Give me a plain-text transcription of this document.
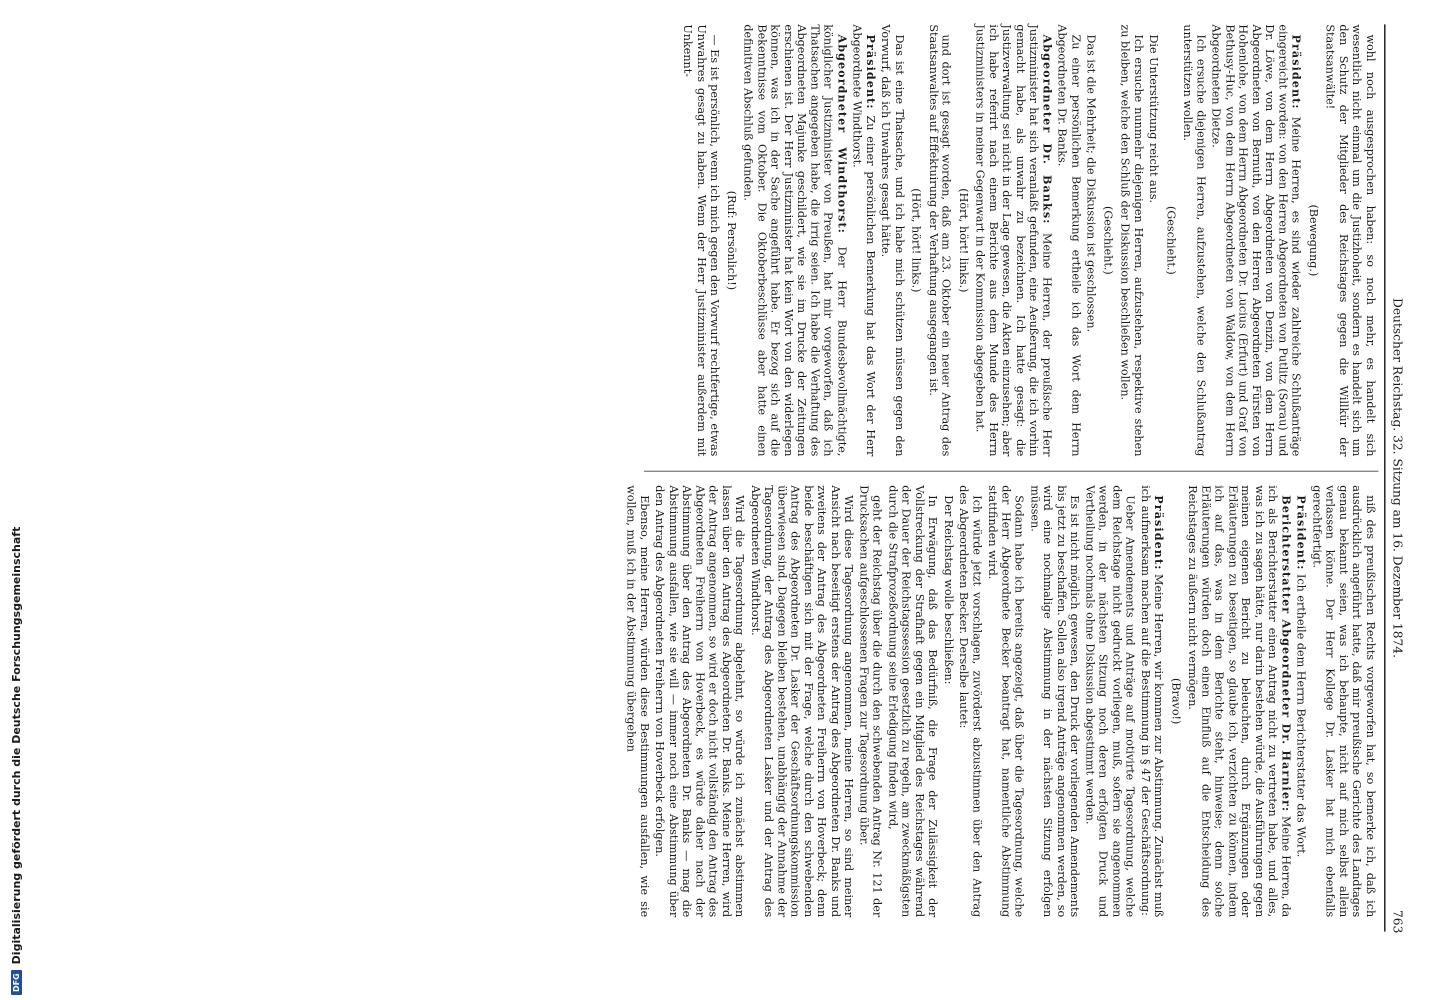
Deutscher Reichstag. 32. Sitzung am 16. Dezember 1874.
763

wohl noch ausgesprochen haben: so noch mehr, es handelt sich wesentlich nicht einmal um die Justizhoheit, sondern es handelt sich um den Schutz der Mitglieder des Reichstages gegen die Willkür der Staatsanwälte!

(Bewegung.)

Präsident: Meine Herren, es sind wieder zahlreiche Schlußanträge eingereicht worden: von den Herren Abgeordneten von Putlitz (Sorau) und Dr. Löwe, von dem Herrn Abgeordneten von Denzin, von dem Herrn Abgeordneten von Bernuth, von den Herren Abgeordneten Fürsten von Hohenlohe, von dem Herrn Abgeordneten Dr. Lucius (Erfurt) und Graf von Bethusy-Huc, von dem Herrn Abgeordneten von Waldow, von dem Herrn Abgeordneten Dietze.

Ich ersuche diejenigen Herren, aufzustehen, welche den Schlußantrag unterstützen wollen.

(Geschieht.)

Die Unterstützung reicht aus.

Ich ersuche nunmehr diejenigen Herren, aufzustehen, respektive stehen zu bleiben, welche den Schluß der Diskussion beschließen wollen.

(Geschieht.)

Das ist die Mehrheit; die Diskussion ist geschlossen.

Zu einer persönlichen Bemerkung ertheile ich das Wort dem Herrn Abgeordneten Dr. Banks.

Abgeordneter Dr. Banks: Meine Herren, der preußische Herr Justizminister hat sich veranlaßt gefunden, eine Aeußerung, die ich vorhin gemacht habe, als unwahr zu bezeichnen. Ich hatte gesagt: die Justizverwaltung sei nicht in der Lage gewesen, die Akten einzusehen; aber ich habe referirt nach einem Berichte aus dem Munde des Herrn Justizministers in meiner Gegenwart in der Kommission abgegeben hat.

(Hört, hört! links.)

und dort ist gesagt worden, daß am 23. Oktober ein neuer Antrag des Staatsanwaltes auf Effektuirung der Verhaftung ausgegangen ist.

(Hört, hört! links.)

Das ist eine Thatsache, und ich habe mich schützen müssen gegen den Vorwurf, daß ich Unwahres gesagt hätte.

Präsident: Zu einer persönlichen Bemerkung hat das Wort der Herr Abgeordnete Windthorst.

Abgeordneter Windthorst: Der Herr Bundesbevollmächtigte, königlicher Justizminister von Preußen, hat mir vorgeworfen, daß ich Thatsachen angegeben habe, die irrig seien. Ich habe die Verhaftung des Abgeordneten Majunke geschildert, wie sie im Drucke der Zeitungen erschienen ist. Der Herr Justizminister hat kein Wort von den widerlegen können, was ich in der Sache angeführt habe. Er bezog sich auf die Bekenntnisse vom Oktober. Die Oktoberbeschlüsse aber hatte einen definitiven Abschluß gefunden.

(Ruf: Persönlich!)

— Es ist persönlich, wenn ich mich gegen den Vorwurf rechtfertige, etwas Unwahres gesagt zu haben. Wenn der Herr Justizminister außerdem mit Unkennt-

niß des preußischen Rechts vorgeworfen hat, so bemerke ich, daß ich ausdrücklich angeführt hatte, daß mir preußische Gerichte des Landtages genau bekannt seien, was ich behaupte, nicht auf mich selbst allein verlassen könne. Der Herr Kollege Dr. Lasker hat mich ebenfalls gerechtfertigt.

Präsident: Ich ertheile dem Herrn Berichterstatter das Wort.

Berichterstatter Abgeordneter Dr. Harnier: Meine Herren, da ich als Berichterstatter einen Antrag nicht zu vertreten habe, und alles, was ich zu sagen hätte, nur darin bestehen würde, die Ausführungen gegen meinen eigenen Bericht zu beleuchten, durch Ergänzungen oder Erläuterungen zu beseitigen, so glaube ich, verzichten zu können, indem ich auf das, was in dem Berichte steht, hinweise; denn solche Erläuterungen würden doch einen Einfluß auf die Entscheidung des Reichstages zu äußern nicht vermögen.

(Bravo!)

Präsident: Meine Herren, wir kommen zur Abstimmung. Zunächst muß ich aufmerksam machen auf die Bestimmung in § 47 der Geschäftsordnung:

Ueber Amendements und Anträge auf motivirte Tagesordnung, welche dem Reichstage nicht gedruckt vorliegen, muß, sofern sie angenommen werden, in der nächsten Sitzung noch deren erfolgten Druck und Vertheilung nochmals ohne Diskussion abgestimmt werden.

Es ist nicht möglich gewesen, den Druck der vorliegenden Amendements bis jetzt zu beschaffen. Sollen also irgend Anträge angenommen werden, so wird eine nochmalige Abstimmung in der nächsten Sitzung erfolgen müssen.

Sodann habe ich bereits angezeigt, daß über die Tagesordnung, welche der Herr Abgeordnete Becker beantragt hat, namentliche Abstimmung stattfinden wird.

Ich würde jetzt vorschlagen, zuvörderst abzustimmen über den Antrag des Abgeordneten Becker. Derselbe lautet:

Der Reichstag wolle beschließen:

In Erwägung, daß das Bedürfniß, die Frage der Zulässigkeit der Vollstreckung der Strafhaft gegen ein Mitglied des Reichstages während der Dauer der Reichstagssession gesetzlich zu regeln, am zweckmäßigsten durch die Strafprozeßordnung seine Erledigung finden wird,

geht der Reichstag über die durch den schwebenden Antrag Nr. 121 der Drucksachen aufgeschlossenen Fragen zur Tagesordnung über.

Wird diese Tagesordnung angenommen, meine Herren, so sind meiner Ansicht nach beseitigt erstens der Antrag des Abgeordneten Dr. Banks und zweitens der Antrag des Abgeordneten Freiherrn von Hoverbeck; denn beide beschäftigen sich mit der Frage, welche durch den schwebenden Antrag des Abgeordneten Dr. Lasker der Geschäftsordnungskommission überwiesen sind. Dagegen bleiben bestehen, unabhängig der Annahme der Tagesordnung, der Antrag des Abgeordneten Lasker und der Antrag des Abgeordneten Windthorst.

Wird die Tagesordnung abgelehnt, so würde ich zunächst abstimmen lassen über den Antrag des Abgeordneten Dr. Banks. Meine Herren, wird der Antrag angenommen, so wird er doch nicht vollständig den Antrag des Abgeordneten Freiherrn von Hoverbeck, es würde daher nach der Abstimmung über den Antrag des Abgeordneten Dr. Banks — mag die Abstimmung ausfallen, wie sie will — immer noch eine Abstimmung über den Antrag des Abgeordneten Freiherrn von Hoverbeck erfolgen.

Ebenso, meine Herren, würden diese Bestimmungen ausfallen, wie sie wollen, muß ich in der Abstimmung übergehen

DFG
Digitalisierung gefördert durch die Deutsche Forschungsgemeinschaft
